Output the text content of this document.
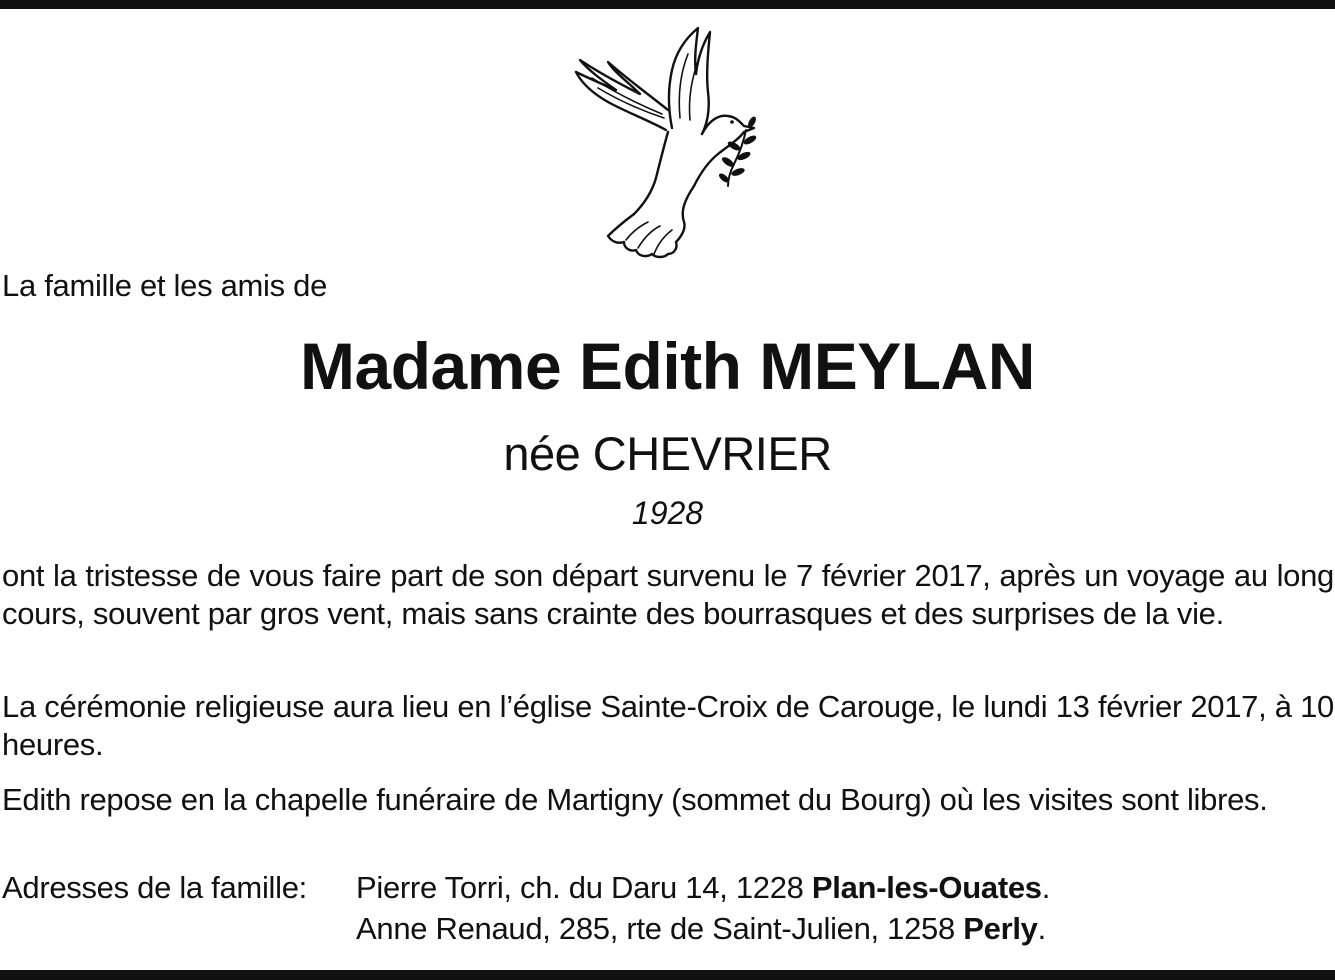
La famille et les amis de
Madame Edith MEYLAN
née CHEVRIER
1928

ont la tristesse de vous faire part de son départ survenu le 7 février 2017, après un voyage au long cours, souvent par gros vent, mais sans crainte des bourrasques et des surprises de la vie.

La cérémonie religieuse aura lieu en l’église Sainte-Croix de Carouge, le lundi 13 février 2017, à 10 heures.

Edith repose en la chapelle funéraire de Martigny (sommet du Bourg) où les visites sont libres.

Adresses de la famille: Pierre Torri, ch. du Daru 14, 1228 Plan-les-Ouates.
Anne Renaud, 285, rte de Saint-Julien, 1258 Perly.
